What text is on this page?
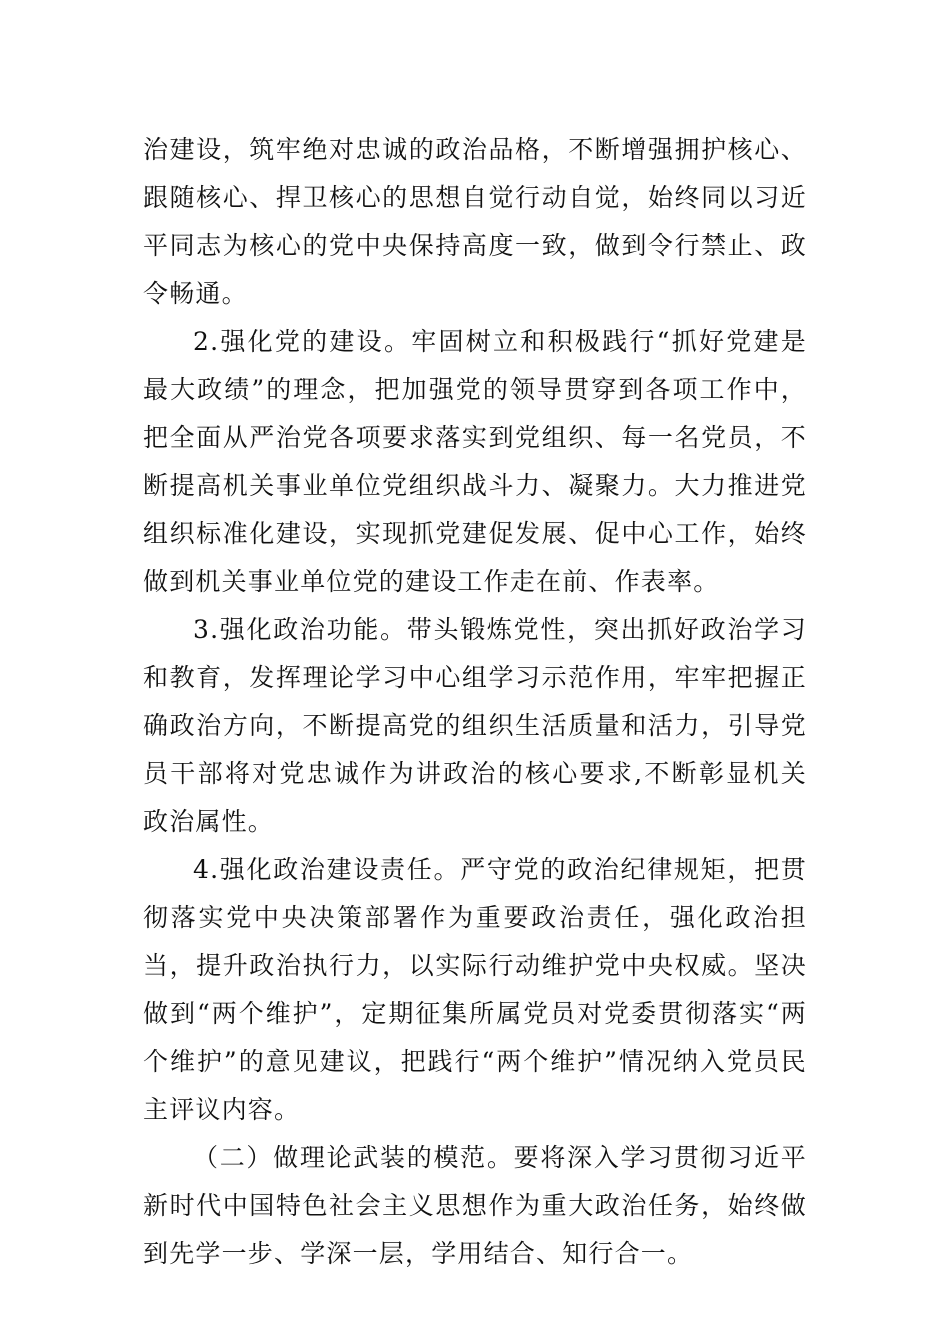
治建设，筑牢绝对忠诚的政治品格，不断增强拥护核心、跟随核心、捍卫核心的思想自觉行动自觉，始终同以习近平同志为核心的党中央保持高度一致，做到令行禁止、政令畅通。

2.强化党的建设。牢固树立和积极践行“抓好党建是最大政绩”的理念，把加强党的领导贯穿到各项工作中，把全面从严治党各项要求落实到党组织、每一名党员，不断提高机关事业单位党组织战斗力、凝聚力。大力推进党组织标准化建设，实现抓党建促发展、促中心工作，始终做到机关事业单位党的建设工作走在前、作表率。

3.强化政治功能。带头锻炼党性，突出抓好政治学习和教育，发挥理论学习中心组学习示范作用，牢牢把握正确政治方向，不断提高党的组织生活质量和活力，引导党员干部将对党忠诚作为讲政治的核心要求,不断彰显机关政治属性。

4.强化政治建设责任。严守党的政治纪律规矩，把贯彻落实党中央决策部署作为重要政治责任，强化政治担当，提升政治执行力，以实际行动维护党中央权威。坚决做到“两个维护”，定期征集所属党员对党委贯彻落实“两个维护”的意见建议，把践行“两个维护”情况纳入党员民主评议内容。

（二）做理论武装的模范。要将深入学习贯彻习近平新时代中国特色社会主义思想作为重大政治任务，始终做到先学一步、学深一层，学用结合、知行合一。
